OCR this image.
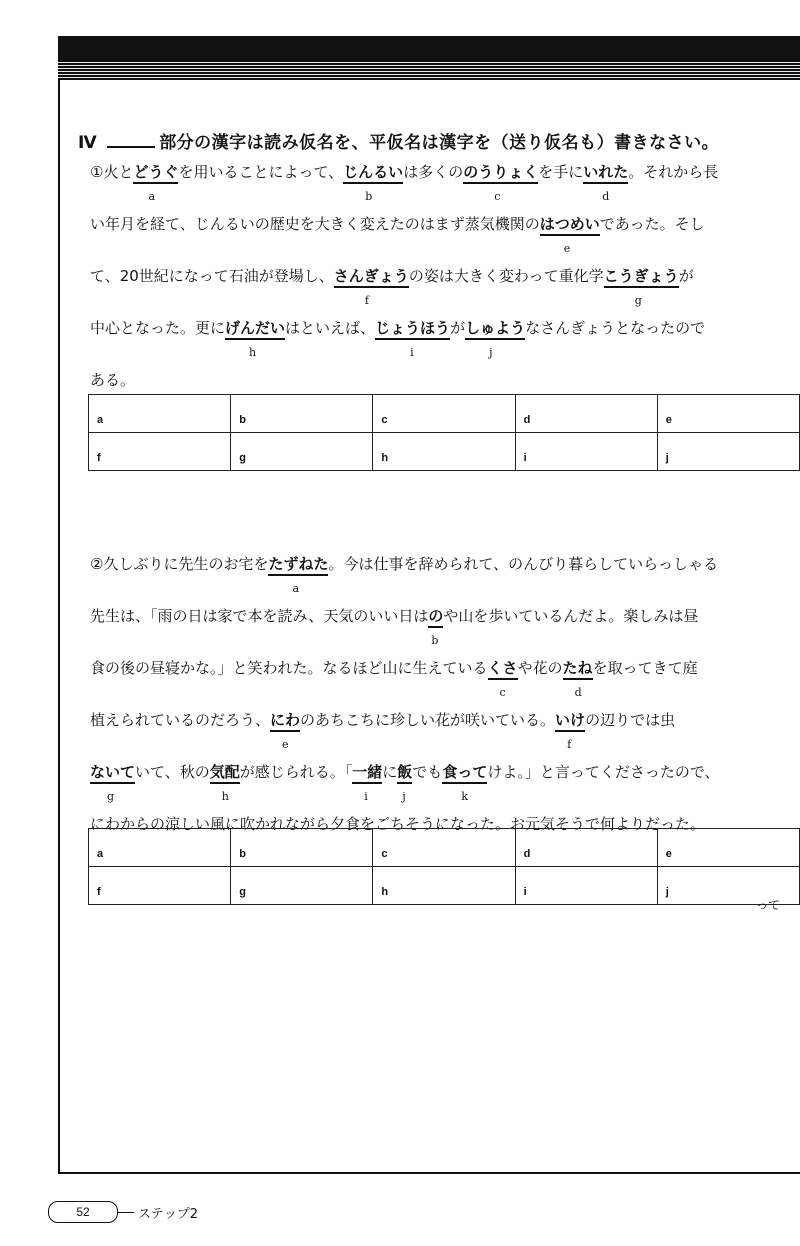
Ⅳ	部分の漢字は読み仮名を、平仮名は漢字を（送り仮名も）書きなさい。
①火とどうぐ
a
を用いることによって、じんるい
b
は多くののうりょく
c
を手にいれた
d
。それから長
い年月を経て、じんるいの歴史を大きく変えたのはまず蒸気機関のはつめい
e
であった。そし
て、20世紀になって石油が登場し、さんぎょう
f
の姿は大きく変わって重化学こうぎょう
g
が
中心となった。更にげんだい
h
はといえば、じょうほう
i
がしゅよう
j
なさんぎょうとなったので
ある。
a	b	c	d	e
f	g	h	i	j
②久しぶりに先生のお宅をたずねた
a
。今は仕事を辞められて、のんびり暮らしていらっしゃる
先生は、「雨の日は家で本を読み、天気のいい日はの
b
や山を歩いているんだよ。楽しみは昼
食の後の昼寝かな。」と笑われた。なるほど山に生えているくさ
c
や花のたね
d
を取ってきて庭
植えられているのだろう、にわ
e
のあちこちに珍しい花が咲いている。いけ
f
の辺りでは虫
ないて
g
いて、秋の気配
h
が感じられる。「一緒
i
に飯
j
でも食って
k
けよ。」と言ってくださったので、
にわからの涼しい風に吹かれながら夕食をごちそうになった。お元気そうで何よりだった。
a	b	c	d	e
f	g	h	i	j
って
52	ステップ2
